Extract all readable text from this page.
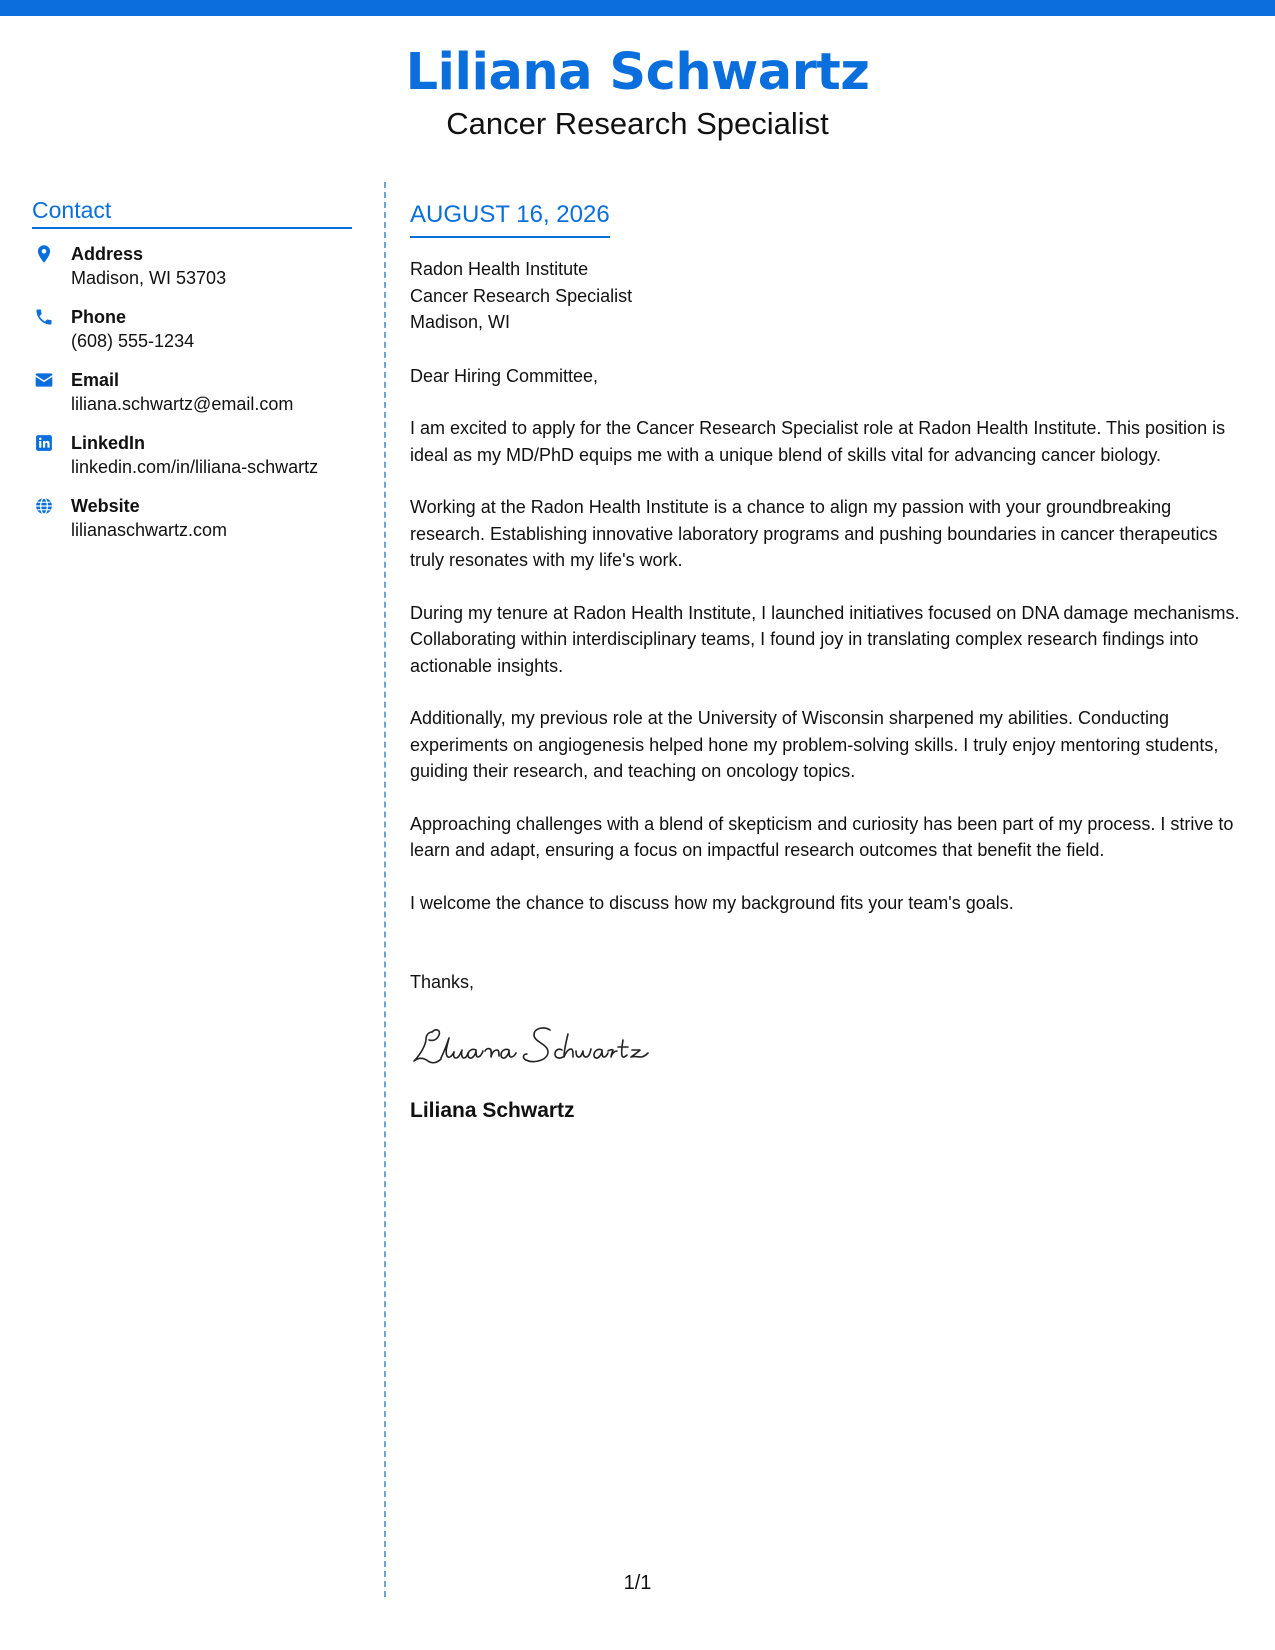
Liliana Schwartz
Cancer Research Specialist
Contact
Address
Madison, WI 53703
Phone
(608) 555-1234
Email
liliana.schwartz@email.com
LinkedIn
linkedin.com/in/liliana-schwartz
Website
lilianaschwartz.com
AUGUST 16, 2026
Radon Health Institute
Cancer Research Specialist
Madison, WI
Dear Hiring Committee,

I am excited to apply for the Cancer Research Specialist role at Radon Health Institute. This position is ideal as my MD/PhD equips me with a unique blend of skills vital for advancing cancer biology.

Working at the Radon Health Institute is a chance to align my passion with your groundbreaking research. Establishing innovative laboratory programs and pushing boundaries in cancer therapeutics truly resonates with my life's work.

During my tenure at Radon Health Institute, I launched initiatives focused on DNA damage mechanisms. Collaborating within interdisciplinary teams, I found joy in translating complex research findings into actionable insights.

Additionally, my previous role at the University of Wisconsin sharpened my abilities. Conducting experiments on angiogenesis helped hone my problem-solving skills. I truly enjoy mentoring students, guiding their research, and teaching on oncology topics.

Approaching challenges with a blend of skepticism and curiosity has been part of my process. I strive to learn and adapt, ensuring a focus on impactful research outcomes that benefit the field.

I welcome the chance to discuss how my background fits your team's goals.

Thanks,
Liliana Schwartz
1/1
